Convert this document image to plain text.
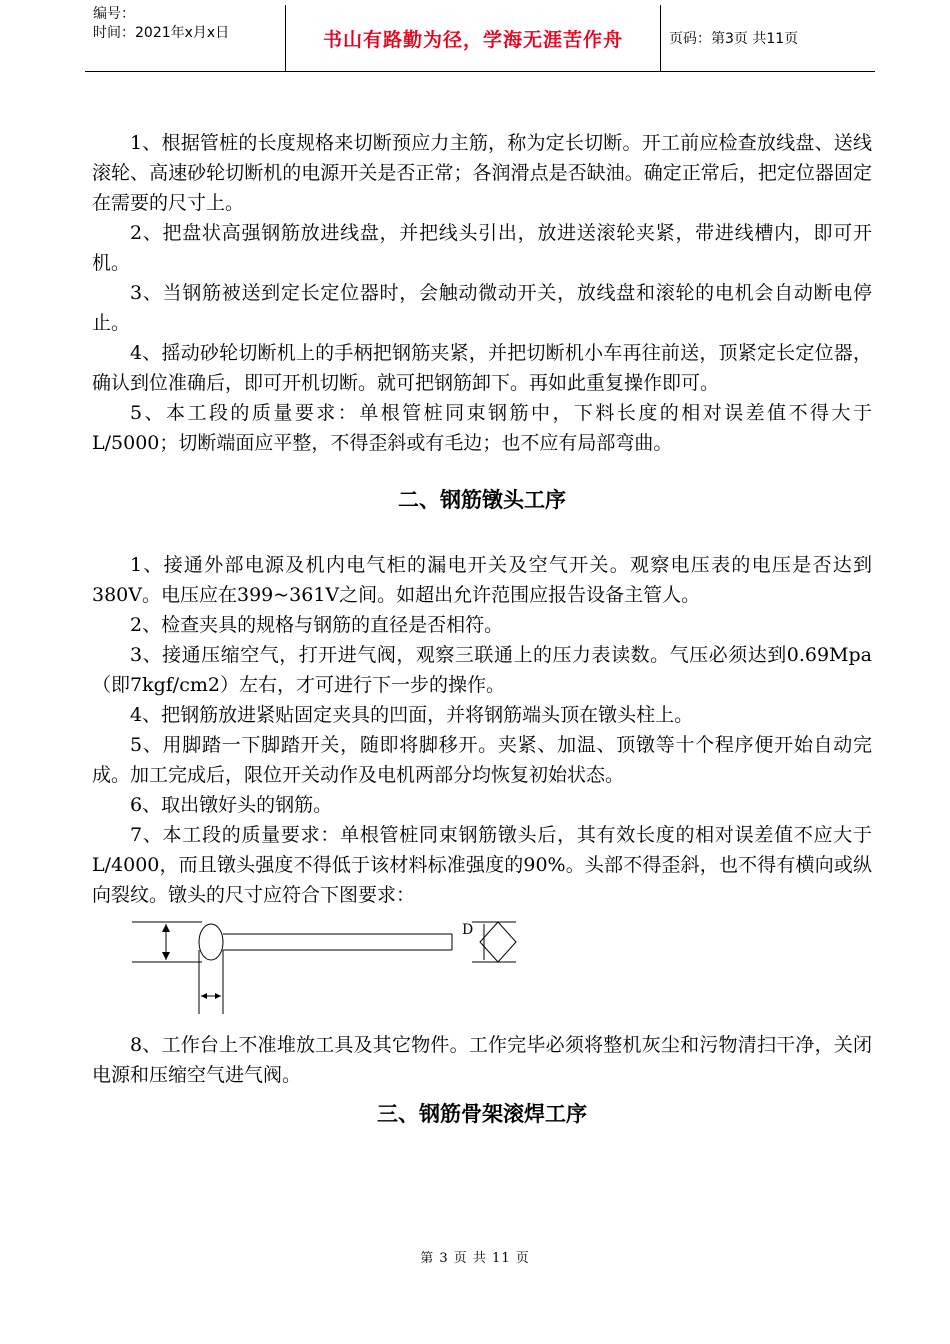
编号：
时间：2021年x月x日	书山有路勤为径，学海无涯苦作舟	页码：第3页 共11页

1、根据管桩的长度规格来切断预应力主筋，称为定长切断。开工前应检查放线盘、送线滚轮、高速砂轮切断机的电源开关是否正常；各润滑点是否缺油。确定正常后，把定位器固定在需要的尺寸上。

2、把盘状高强钢筋放进线盘，并把线头引出，放进送滚轮夹紧，带进线槽内，即可开机。

3、当钢筋被送到定长定位器时，会触动微动开关，放线盘和滚轮的电机会自动断电停止。

4、摇动砂轮切断机上的手柄把钢筋夹紧，并把切断机小车再往前送，顶紧定长定位器，确认到位准确后，即可开机切断。就可把钢筋卸下。再如此重复操作即可。

5、本工段的质量要求：单根管桩同束钢筋中，下料长度的相对误差值不得大于L/5000；切断端面应平整，不得歪斜或有毛边；也不应有局部弯曲。

二、钢筋镦头工序

1、接通外部电源及机内电气柜的漏电开关及空气开关。观察电压表的电压是否达到380V。电压应在399~361V之间。如超出允许范围应报告设备主管人。

2、检查夹具的规格与钢筋的直径是否相符。

3、接通压缩空气，打开进气阀，观察三联通上的压力表读数。气压必须达到0.69Mpa（即7kgf/cm2）左右，才可进行下一步的操作。

4、把钢筋放进紧贴固定夹具的凹面，并将钢筋端头顶在镦头柱上。

5、用脚踏一下脚踏开关，随即将脚移开。夹紧、加温、顶镦等十个程序便开始自动完成。加工完成后，限位开关动作及电机两部分均恢复初始状态。

6、取出镦好头的钢筋。

7、本工段的质量要求：单根管桩同束钢筋镦头后，其有效长度的相对误差值不应大于L/4000，而且镦头强度不得低于该材料标准强度的90%。头部不得歪斜，也不得有横向或纵向裂纹。镦头的尺寸应符合下图要求：

D

8、工作台上不准堆放工具及其它物件。工作完毕必须将整机灰尘和污物清扫干净，关闭电源和压缩空气进气阀。

三、钢筋骨架滚焊工序
第 3 页 共 11 页
